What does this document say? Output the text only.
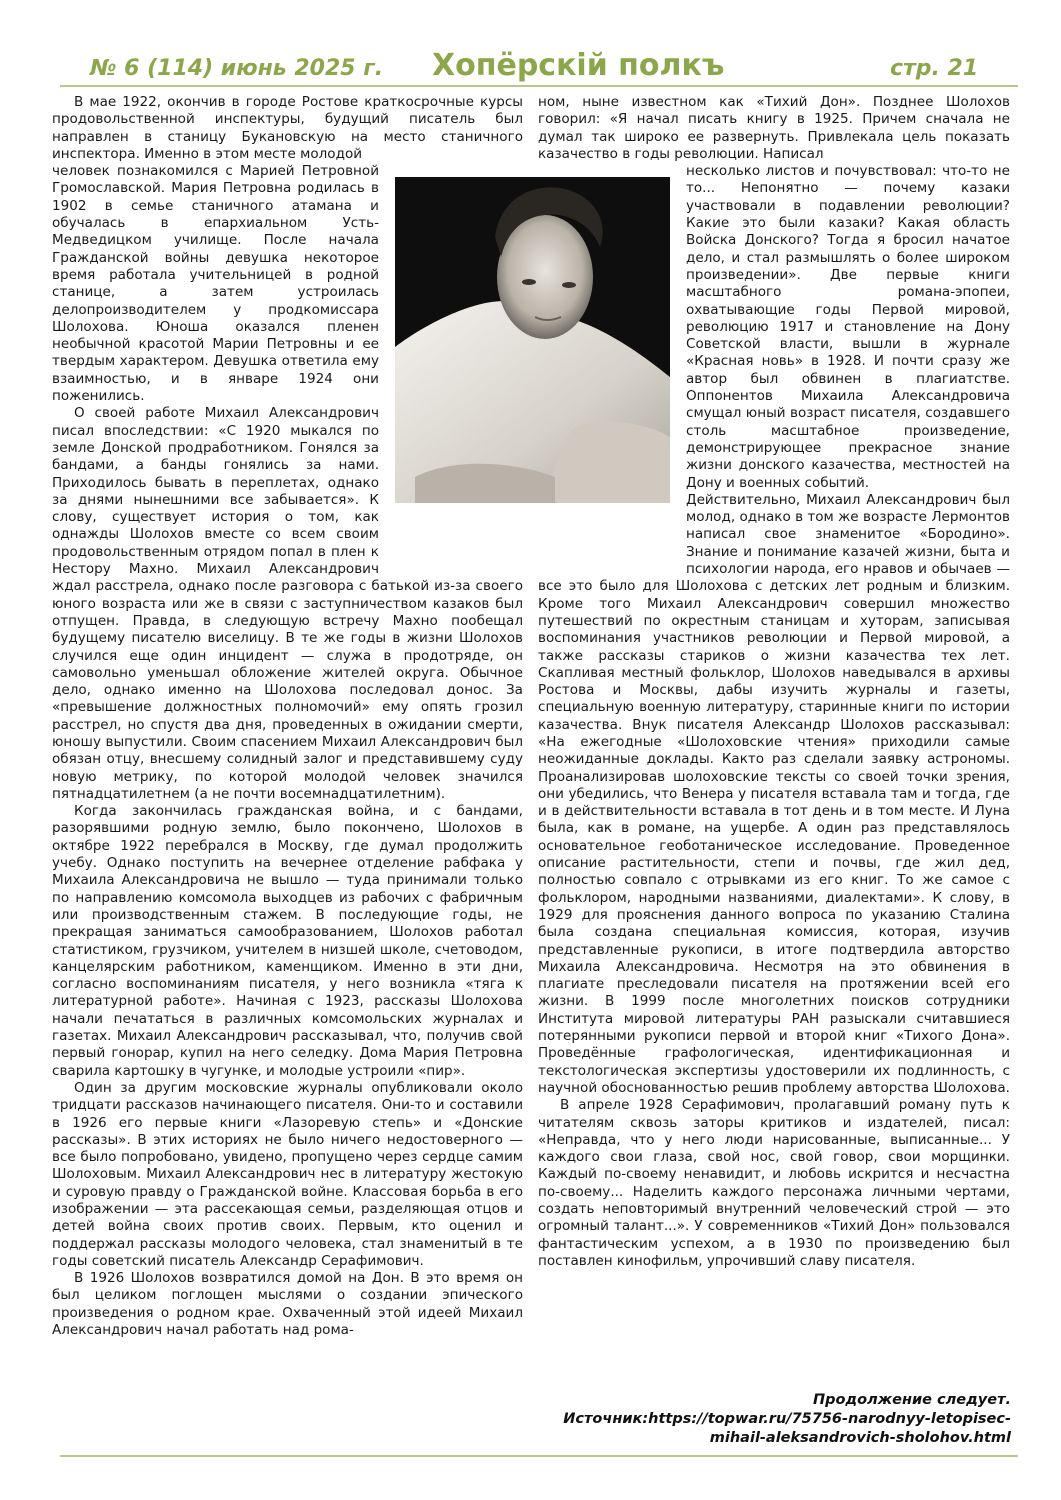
№ 6 (114) июнь 2025 г. Хопёрскiй полкъ	стр. 21

В мае 1922, окончив в городе Ростове краткосрочные курсы продовольственной инспектуры, будущий писатель был направлен в станицу Букановскую на место станичного инспектора. Именно в этом месте молодой

человек познакомился с Марией Петровной Громославской. Мария Петровна родилась в 1902 в семье станичного атамана и обучалась в епархиальном Усть-Медведицком училище. После начала Гражданской войны девушка некоторое время работала учительницей в родной станице, а затем устроилась делопроизводителем у продкомиссара Шолохова. Юноша оказался пленен необычной красотой Марии Петровны и ее твердым характером. Девушка ответила ему взаимностью, и в январе 1924 они поженились.

О своей работе Михаил Александрович писал впоследствии: «С 1920 мыкался по земле Донской продработником. Гонялся за бандами, а банды гонялись за нами. Приходилось бывать в переплетах, однако за днями нынешними все забывается». К слову, существует история о том, как однажды Шолохов вместе со всем своим продовольственным отрядом попал в плен к Нестору Махно. Михаил Александрович ждал расстрела, однако после разговора с батькой из-за своего юного возраста или же в связи с заступничеством казаков был отпущен. Правда, в следующую встречу Махно пообещал будущему писателю виселицу. В те же годы в жизни Шолохов случился еще один инцидент — служа в продотряде, он самовольно уменьшал обложение жителей округа. Обычное дело, однако именно на Шолохова последовал донос. За «превышение должностных полномочий» ему опять грозил расстрел, но спустя два дня, проведенных в ожидании смерти, юношу выпустили. Своим спасением Михаил Александрович был обязан отцу, внесшему солидный залог и представившему суду новую метрику, по которой молодой человек значился пятнадцатилетнем (а не почти восемнадцатилетним).

Когда закончилась гражданская война, и с бандами, разорявшими родную землю, было покончено, Шолохов в октябре 1922 перебрался в Москву, где думал продолжить учебу. Однако поступить на вечернее отделение рабфака у Михаила Александровича не вышло — туда принимали только по направлению комсомола выходцев из рабочих с фабричным или производственным стажем. В последующие годы, не прекращая заниматься самообразованием, Шолохов работал статистиком, грузчиком, учителем в низшей школе, счетоводом, канцелярским работником, каменщиком. Именно в эти дни, согласно воспоминаниям писателя, у него возникла «тяга к литературной работе». Начиная с 1923, рассказы Шолохова начали печататься в различных комсомольских журналах и газетах. Михаил Александрович рассказывал, что, получив свой первый гонорар, купил на него селедку. Дома Мария Петровна сварила картошку в чугунке, и молодые устроили «пир».

Один за другим московские журналы опубликовали около тридцати рассказов начинающего писателя. Они-то и составили в 1926 его первые книги «Лазоревую степь» и «Донские рассказы». В этих историях не было ничего недостоверного — все было попробовано, увидено, пропущено через сердце самим Шолоховым. Михаил Александрович нес в литературу жестокую и суровую правду о Гражданской войне. Классовая борьба в его изображении — эта рассекающая семьи, разделяющая отцов и детей война своих против своих. Первым, кто оценил и поддержал рассказы молодого человека, стал знаменитый в те годы советский писатель Александр Серафимович.

В 1926 Шолохов возвратился домой на Дон. В это время он был целиком поглощен мыслями о создании эпического произведения о родном крае. Охваченный этой идеей Михаил Александрович начал работать над рома-

ном, ныне известном как «Тихий Дон». Позднее Шолохов говорил: «Я начал писать книгу в 1925. Причем сначала не думал так широко ее развернуть. Привлекала цель показать казачество в годы революции. Написал

несколько листов и почувствовал: что-то не то... Непонятно — почему казаки участвовали в подавлении революции? Какие это были казаки? Какая область Войска Донского? Тогда я бросил начатое дело, и стал размышлять о более широком произведении». Две первые книги масштабного романа-эпопеи, охватывающие годы Первой мировой, революцию 1917 и становление на Дону Советской власти, вышли в журнале «Красная новь» в 1928. И почти сразу же автор был обвинен в плагиатстве. Оппонентов Михаила Александровича смущал юный возраст писателя, создавшего столь масштабное произведение, демонстрирующее прекрасное знание жизни донского казачества, местностей на Дону и военных событий.

Действительно, Михаил Александрович был молод, однако в том же возрасте Лермонтов написал свое знаменитое «Бородино». Знание и понимание казачей жизни, быта и психологии народа, его нравов и обычаев — все это было для Шолохова с детских лет родным и близким. Кроме того Михаил Александрович совершил множество путешествий по окрестным станицам и хуторам, записывая воспоминания участников революции и Первой мировой, а также рассказы стариков о жизни казачества тех лет. Скапливая местный фольклор, Шолохов наведывался в архивы Ростова и Москвы, дабы изучить журналы и газеты, специальную военную литературу, старинные книги по истории казачества. Внук писателя Александр Шолохов рассказывал: «На ежегодные «Шолоховские чтения» приходили самые неожиданные доклады. Както раз сделали заявку астрономы. Проанализировав шолоховские тексты со своей точки зрения, они убедились, что Венера у писателя вставала там и тогда, где и в действительности вставала в тот день и в том месте. И Луна была, как в романе, на ущербе. А один раз представлялось основательное геоботаническое исследование. Проведенное описание растительности, степи и почвы, где жил дед, полностью совпало с отрывками из его книг. То же самое с фольклором, народными названиями, диалектами». К слову, в 1929 для прояснения данного вопроса по указанию Сталина была создана специальная комиссия, которая, изучив представленные рукописи, в итоге подтвердила авторство Михаила Александровича. Несмотря на это обвинения в плагиате преследовали писателя на протяжении всей его жизни. В 1999 после многолетних поисков сотрудники Института мировой литературы РАН разыскали считавшиеся потерянными рукописи первой и второй книг «Тихого Дона». Проведённые графологическая, идентификационная и текстологическая экспертизы удостоверили их подлинность, с научной обоснованностью решив проблему авторства Шолохова.

В апреле 1928 Серафимович, пролагавший роману путь к читателям сквозь заторы критиков и издателей, писал: «Неправда, что у него люди нарисованные, выписанные... У каждого свои глаза, свой нос, свой говор, свои морщинки. Каждый по-своему ненавидит, и любовь искрится и несчастна по-своему... Наделить каждого персонажа личными чертами, создать неповторимый внутренний человеческий строй — это огромный талант...». У современников «Тихий Дон» пользовался фантастическим успехом, а в 1930 по произведению был поставлен кинофильм, упрочивший славу писателя.

Продолжение следует.
Источник:https://topwar.ru/75756-narodnyy-letopisec-
mihail-aleksandrovich-sholohov.html
